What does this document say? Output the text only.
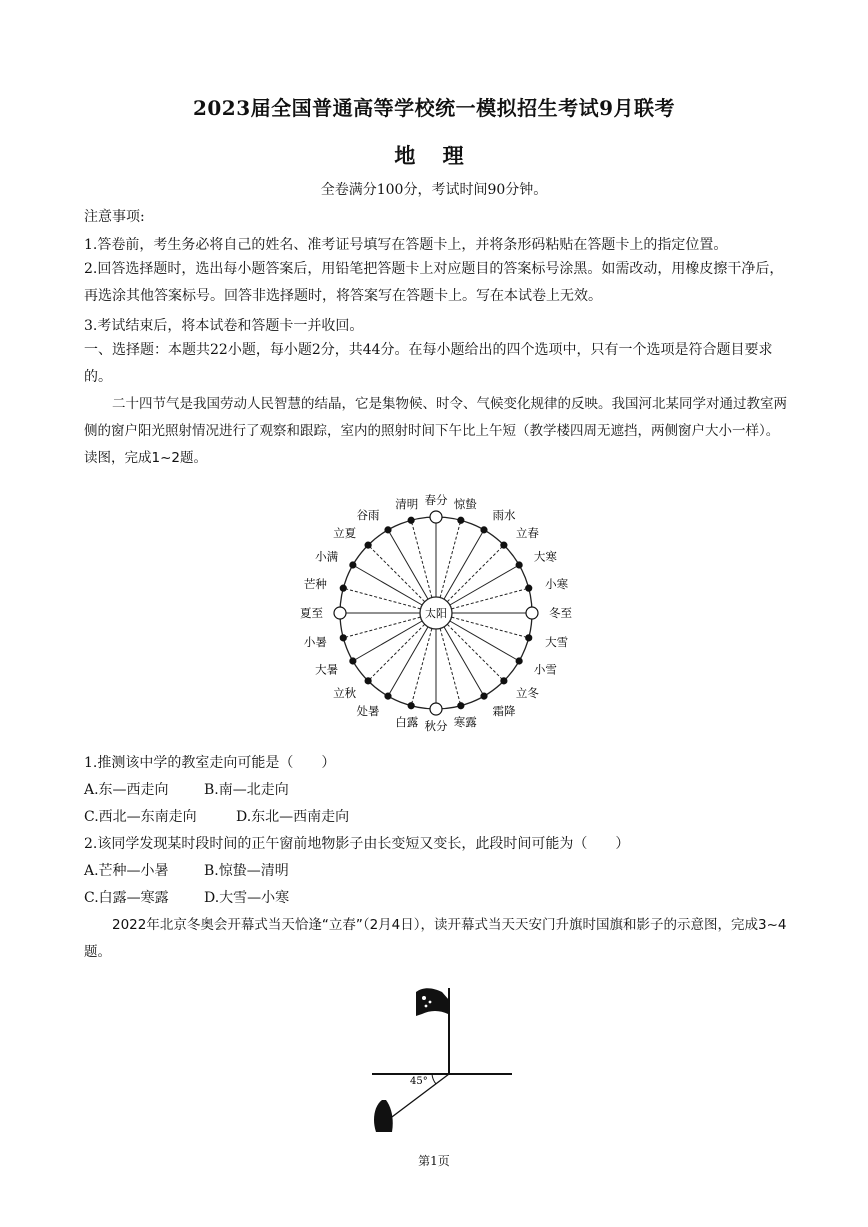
2023届全国普通高等学校统一模拟招生考试9月联考
地 理
全卷满分100分，考试时间90分钟。
注意事项:
1.答卷前，考生务必将自己的姓名、准考证号填写在答题卡上，并将条形码粘贴在答题卡上的指定位置。
2.回答选择题时，选出每小题答案后，用铅笔把答题卡上对应题目的答案标号涂黑。如需改动，用橡皮擦干净后，再选涂其他答案标号。回答非选择题时，将答案写在答题卡上。写在本试卷上无效。
3.考试结束后，将本试卷和答题卡一并收回。
一、选择题：本题共22小题，每小题2分，共44分。在每小题给出的四个选项中，只有一个选项是符合题目要求的。
二十四节气是我国劳动人民智慧的结晶，它是集物候、时令、气候变化规律的反映。我国河北某同学对通过教室两侧的窗户阳光照射情况进行了观察和跟踪，室内的照射时间下午比上午短（教学楼四周无遮挡，两侧窗户大小一样）。读图，完成1~2题。
太阳
春分 惊蛰
雨水
立春
大寒
小寒
冬至
大雪
小雪
立冬
霜降
寒露
秋分
白露
处暑
立秋
大暑
小暑
夏至
芒种
小满
立夏
谷雨
清明
1.推测该中学的教室走向可能是（　　）
A.东—西走向	B.南—北走向
C.西北—东南走向	D.东北—西南走向
2.该同学发现某时段时间的正午窗前地物影子由长变短又变长，此段时间可能为（　　）
A.芒种—小暑	B.惊蛰—清明
C.白露—寒露	D.大雪—小寒
2022年北京冬奥会开幕式当天恰逢“立春”（2月4日），读开幕式当天天安门升旗时国旗和影子的示意图，完成3~4题。
45°
第1页
